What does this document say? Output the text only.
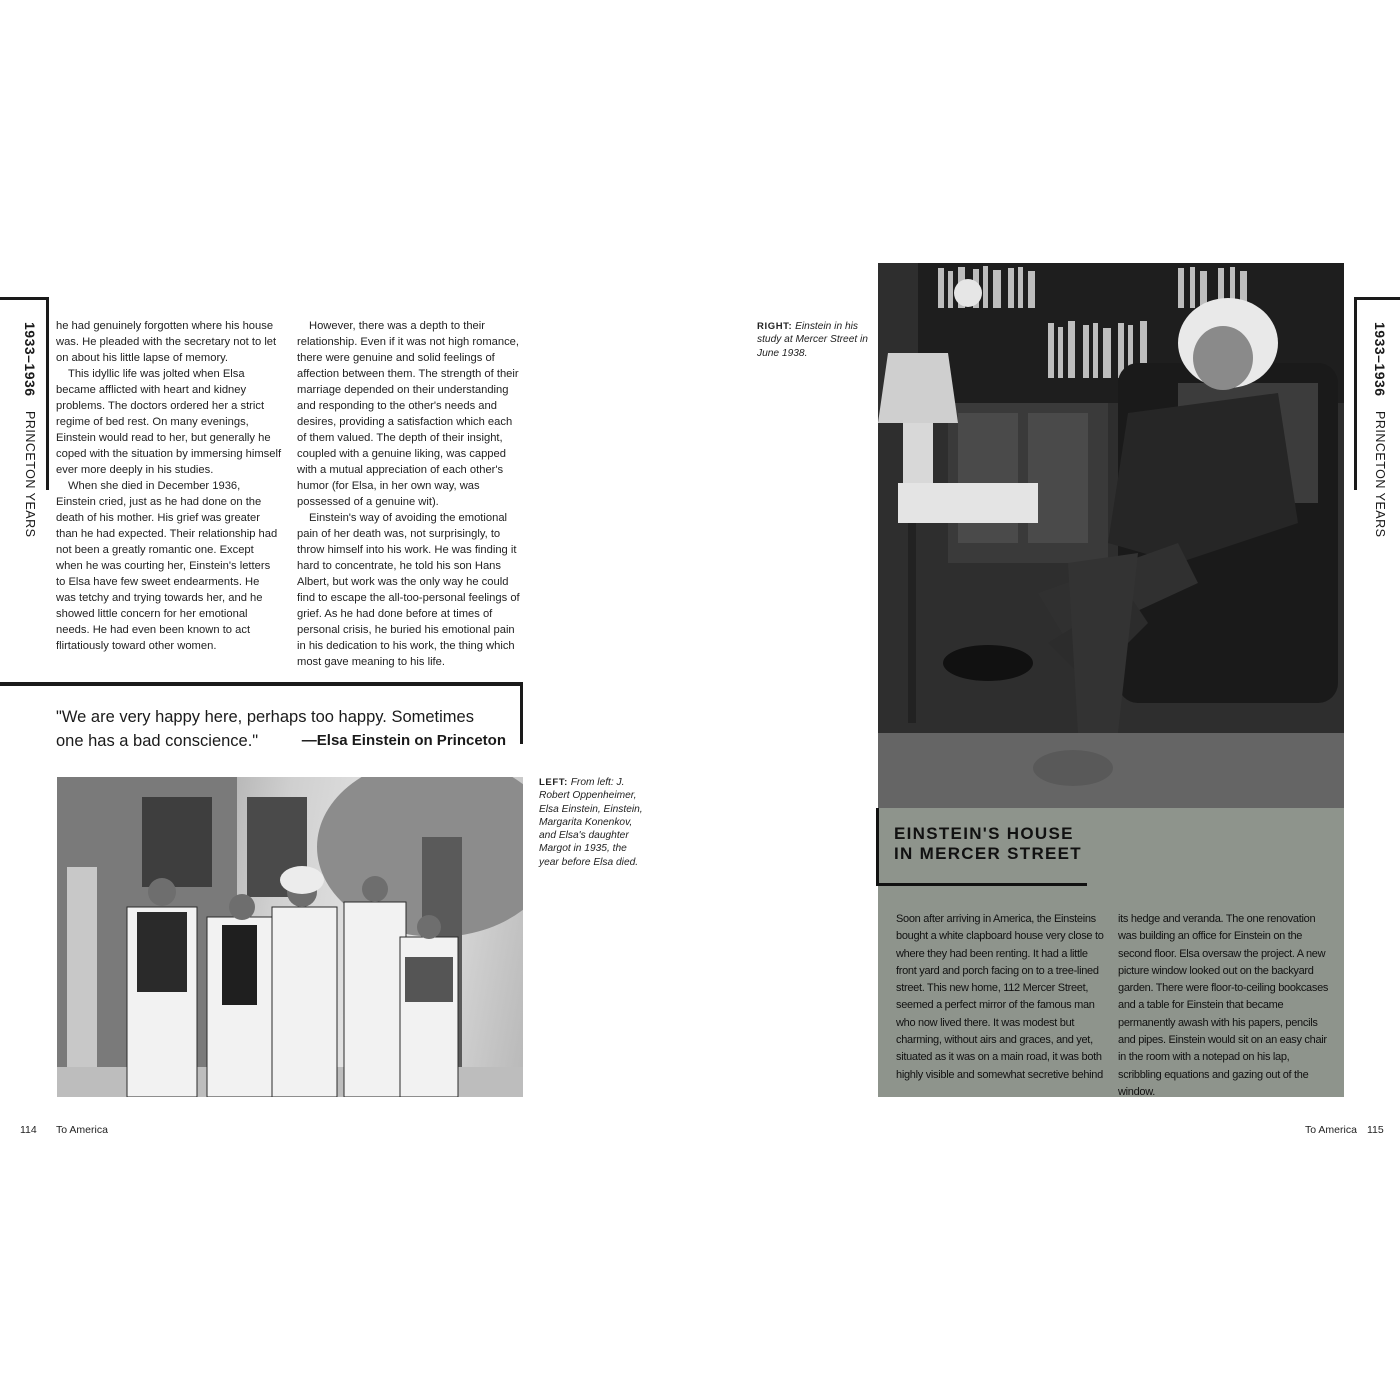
1933–1936 PRINCETON YEARS
1933–1936 PRINCETON YEARS

he had genuinely forgotten where his house was. He pleaded with the secretary not to let on about his little lapse of memory.

This idyllic life was jolted when Elsa became afflicted with heart and kidney problems. The doctors ordered her a strict regime of bed rest. On many evenings, Einstein would read to her, but generally he coped with the situation by immersing himself ever more deeply in his studies.

When she died in December 1936, Einstein cried, just as he had done on the death of his mother. His grief was greater than he had expected. Their relationship had not been a greatly romantic one. Except when he was courting her, Einstein's letters to Elsa have few sweet endearments. He was tetchy and trying towards her, and he showed little concern for her emotional needs. He had even been known to act flirtatiously toward other women.

However, there was a depth to their relationship. Even if it was not high romance, there were genuine and solid feelings of affection between them. The strength of their marriage depended on their understanding and responding to the other's needs and desires, providing a satisfaction which each of them valued. The depth of their insight, coupled with a genuine liking, was capped with a mutual appreciation of each other's humor (for Elsa, in her own way, was possessed of a genuine wit).

Einstein's way of avoiding the emotional pain of her death was, not surprisingly, to throw himself into his work. He was finding it hard to concentrate, he told his son Hans Albert, but work was the only way he could find to escape the all-too-personal feelings of grief. As he had done before at times of personal crisis, he buried his emotional pain in his dedication to his work, the thing which most gave meaning to his life.

"We are very happy here, perhaps too happy. Sometimes one has a bad conscience."	—Elsa Einstein on Princeton
LEFT: From left: J. Robert Oppenheimer, Elsa Einstein, Einstein, Margarita Konenkov, and Elsa's daughter Margot in 1935, the year before Elsa died.
RIGHT: Einstein in his study at Mercer Street in June 1938.
EINSTEIN'S HOUSE
IN MERCER STREET
Soon after arriving in America, the Einsteins bought a white clapboard house very close to where they had been renting. It had a little front yard and porch facing on to a tree-lined street. This new home, 112 Mercer Street, seemed a perfect mirror of the famous man who now lived there. It was modest but charming, without airs and graces, and yet, situated as it was on a main road, it was both highly visible and somewhat secretive behind
its hedge and veranda. The one renovation was building an office for Einstein on the second floor. Elsa oversaw the project. A new picture window looked out on the backyard garden. There were floor-to-ceiling bookcases and a table for Einstein that became permanently awash with his papers, pencils and pipes. Einstein would sit on an easy chair in the room with a notepad on his lap, scribbling equations and gazing out of the window.
114 To America	To America 115
